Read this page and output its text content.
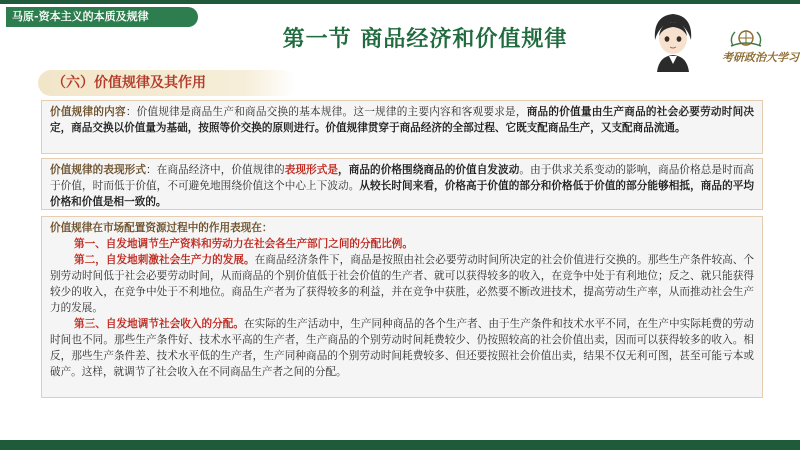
马原-资本主义的本质及规律
第一节 商品经济和价值规律
考研政治大学习
（六）价值规律及其作用

价值规律的内容：价值规律是商品生产和商品交换的基本规律。这一规律的主要内容和客观要求是，商品的价值量由生产商品的社会必要劳动时间决定，商品交换以价值量为基础，按照等价交换的原则进行。价值规律贯穿于商品经济的全部过程、它既支配商品生产，又支配商品流通。

价值规律的表现形式：在商品经济中，价值规律的表现形式是，商品的价格围绕商品的价值自发波动。由于供求关系变动的影响，商品价格总是时而高于价值，时而低于价值，不可避免地围绕价值这个中心上下波动。从较长时间来看，价格高于价值的部分和价格低于价值的部分能够相抵，商品的平均价格和价值是相一致的。

价值规律在市场配置资源过程中的作用表现在：

第一、自发地调节生产资料和劳动力在社会各生产部门之间的分配比例。

第二，自发地刺激社会生产力的发展。在商品经济条件下，商品是按照由社会必要劳动时间所决定的社会价值进行交换的。那些生产条件较高、个别劳动时间低于社会必要劳动时间，从而商品的个别价值低于社会价值的生产者、就可以获得较多的收入，在竞争中处于有利地位；反之、就只能获得较少的收入，在竞争中处于不利地位。商品生产者为了获得较多的利益，并在竞争中获胜，必然要不断改进技术，提高劳动生产率，从而推动社会生产力的发展。

第三、自发地调节社会收入的分配。在实际的生产活动中，生产同种商品的各个生产者、由于生产条件和技术水平不同，在生产中实际耗费的劳动时间也不同。那些生产条件好、技术水平高的生产者，生产商品的个别劳动时间耗费较少、仍按照较高的社会价值出卖，因而可以获得较多的收入。相反，那些生产条件差、技术水平低的生产者，生产同种商品的个别劳动时间耗费较多、但还要按照社会价值出卖，结果不仅无利可图，甚至可能亏本或破产。这样，就调节了社会收入在不同商品生产者之间的分配。
